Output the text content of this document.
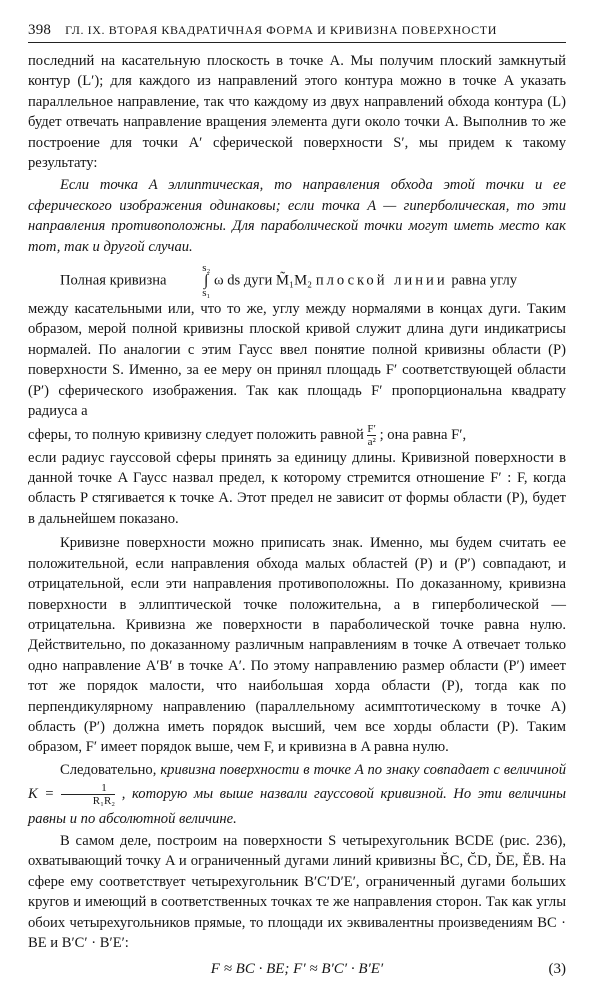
398 ГЛ. IX. ВТОРАЯ КВАДРАТИЧНАЯ ФОРМА И КРИВИЗНА ПОВЕРХНОСТИ

последний на касательную плоскость в точке A. Мы получим плоский замкнутый контур (L′); для каждого из направлений этого контура можно в точке A указать параллельное направление, так что каждому из двух направлений обхода контура (L) будет отвечать направление вращения элемента дуги около точки A. Выполнив то же построение для точки A′ сферической поверхности S′, мы придем к такому результату:

Если точка A эллиптическая, то направления обхода этой точки и ее сферического изображения одинаковы; если точка A — гиперболическая, то эти направления противоположны. Для параболической точки могут иметь место как тот, так и другой случаи.

Полная кривизна
s₂
∫
s₁
ω ds дуги M̃₁M₂ плоской линии равна углу

между касательными или, что то же, углу между нормалями в концах дуги. Таким образом, мерой полной кривизны плоской кривой служит длина дуги индикатрисы нормалей. По аналогии с этим Гаусс ввел понятие полной кривизны области (P) поверхности S. Именно, за ее меру он принял площадь F′ соответствующей области (P′) сферического изображения. Так как площадь F′ пропорциональна квадрату радиуса a

сферы, то полную кривизну следует положить равной $\frac{F'}{\text{a²}}$ ; она равна F′,

если радиус гауссовой сферы принять за единицу длины. Кривизной поверхности в данной точке A Гаусс назвал предел, к которому стремится отношение F′ : F, когда область P стягивается к точке A. Этот предел не зависит от формы области (P), будет в дальнейшем показано.

Кривизне поверхности можно приписать знак. Именно, мы будем считать ее положительной, если направления обхода малых областей (P) и (P′) совпадают, и отрицательной, если эти направления противоположны. По доказанному, кривизна поверхности в эллиптической точке положительна, а в гиперболической — отрицательна. Кривизна же поверхности в параболической точке равна нулю. Действительно, по доказанному различным направлениям в точке A отвечает только одно направление A′B′ в точке A′. По этому направлению размер области (P′) имеет тот же порядок малости, что наибольшая хорда области (P), тогда как по перпендикулярному направлению (параллельному асимптотическому в точке A) область (P′) должна иметь порядок высший, чем все хорды области (P). Таким образом, F′ имеет порядок выше, чем F, и кривизна в A равна нулю.

Следовательно, кривизна поверхности в точке A по знаку совпадает с величиной $K = \frac{1}{\text{R₁R₂}}$ , которую мы выше назвали гауссовой кривизной. Но эти величины равны и по абсолютной величине.

В самом деле, построим на поверхности S четырехугольник BCDE (рис. 236), охватывающий точку A и ограниченный дугами линий кривизны B̆C, C̆D, D̆E, ĔB. На сфере ему соответствует четырехугольник B′C′D′E′, ограниченный дугами больших кругов и имеющий в соответственных точках те же направления сторон. Так как углы обоих четырехугольников прямые, то площади их эквивалентны произведениям BC · BE и B′C′ · B′E′:

F ≈ BC · BE; F′ ≈ B′C′ · B′E′	(3)
